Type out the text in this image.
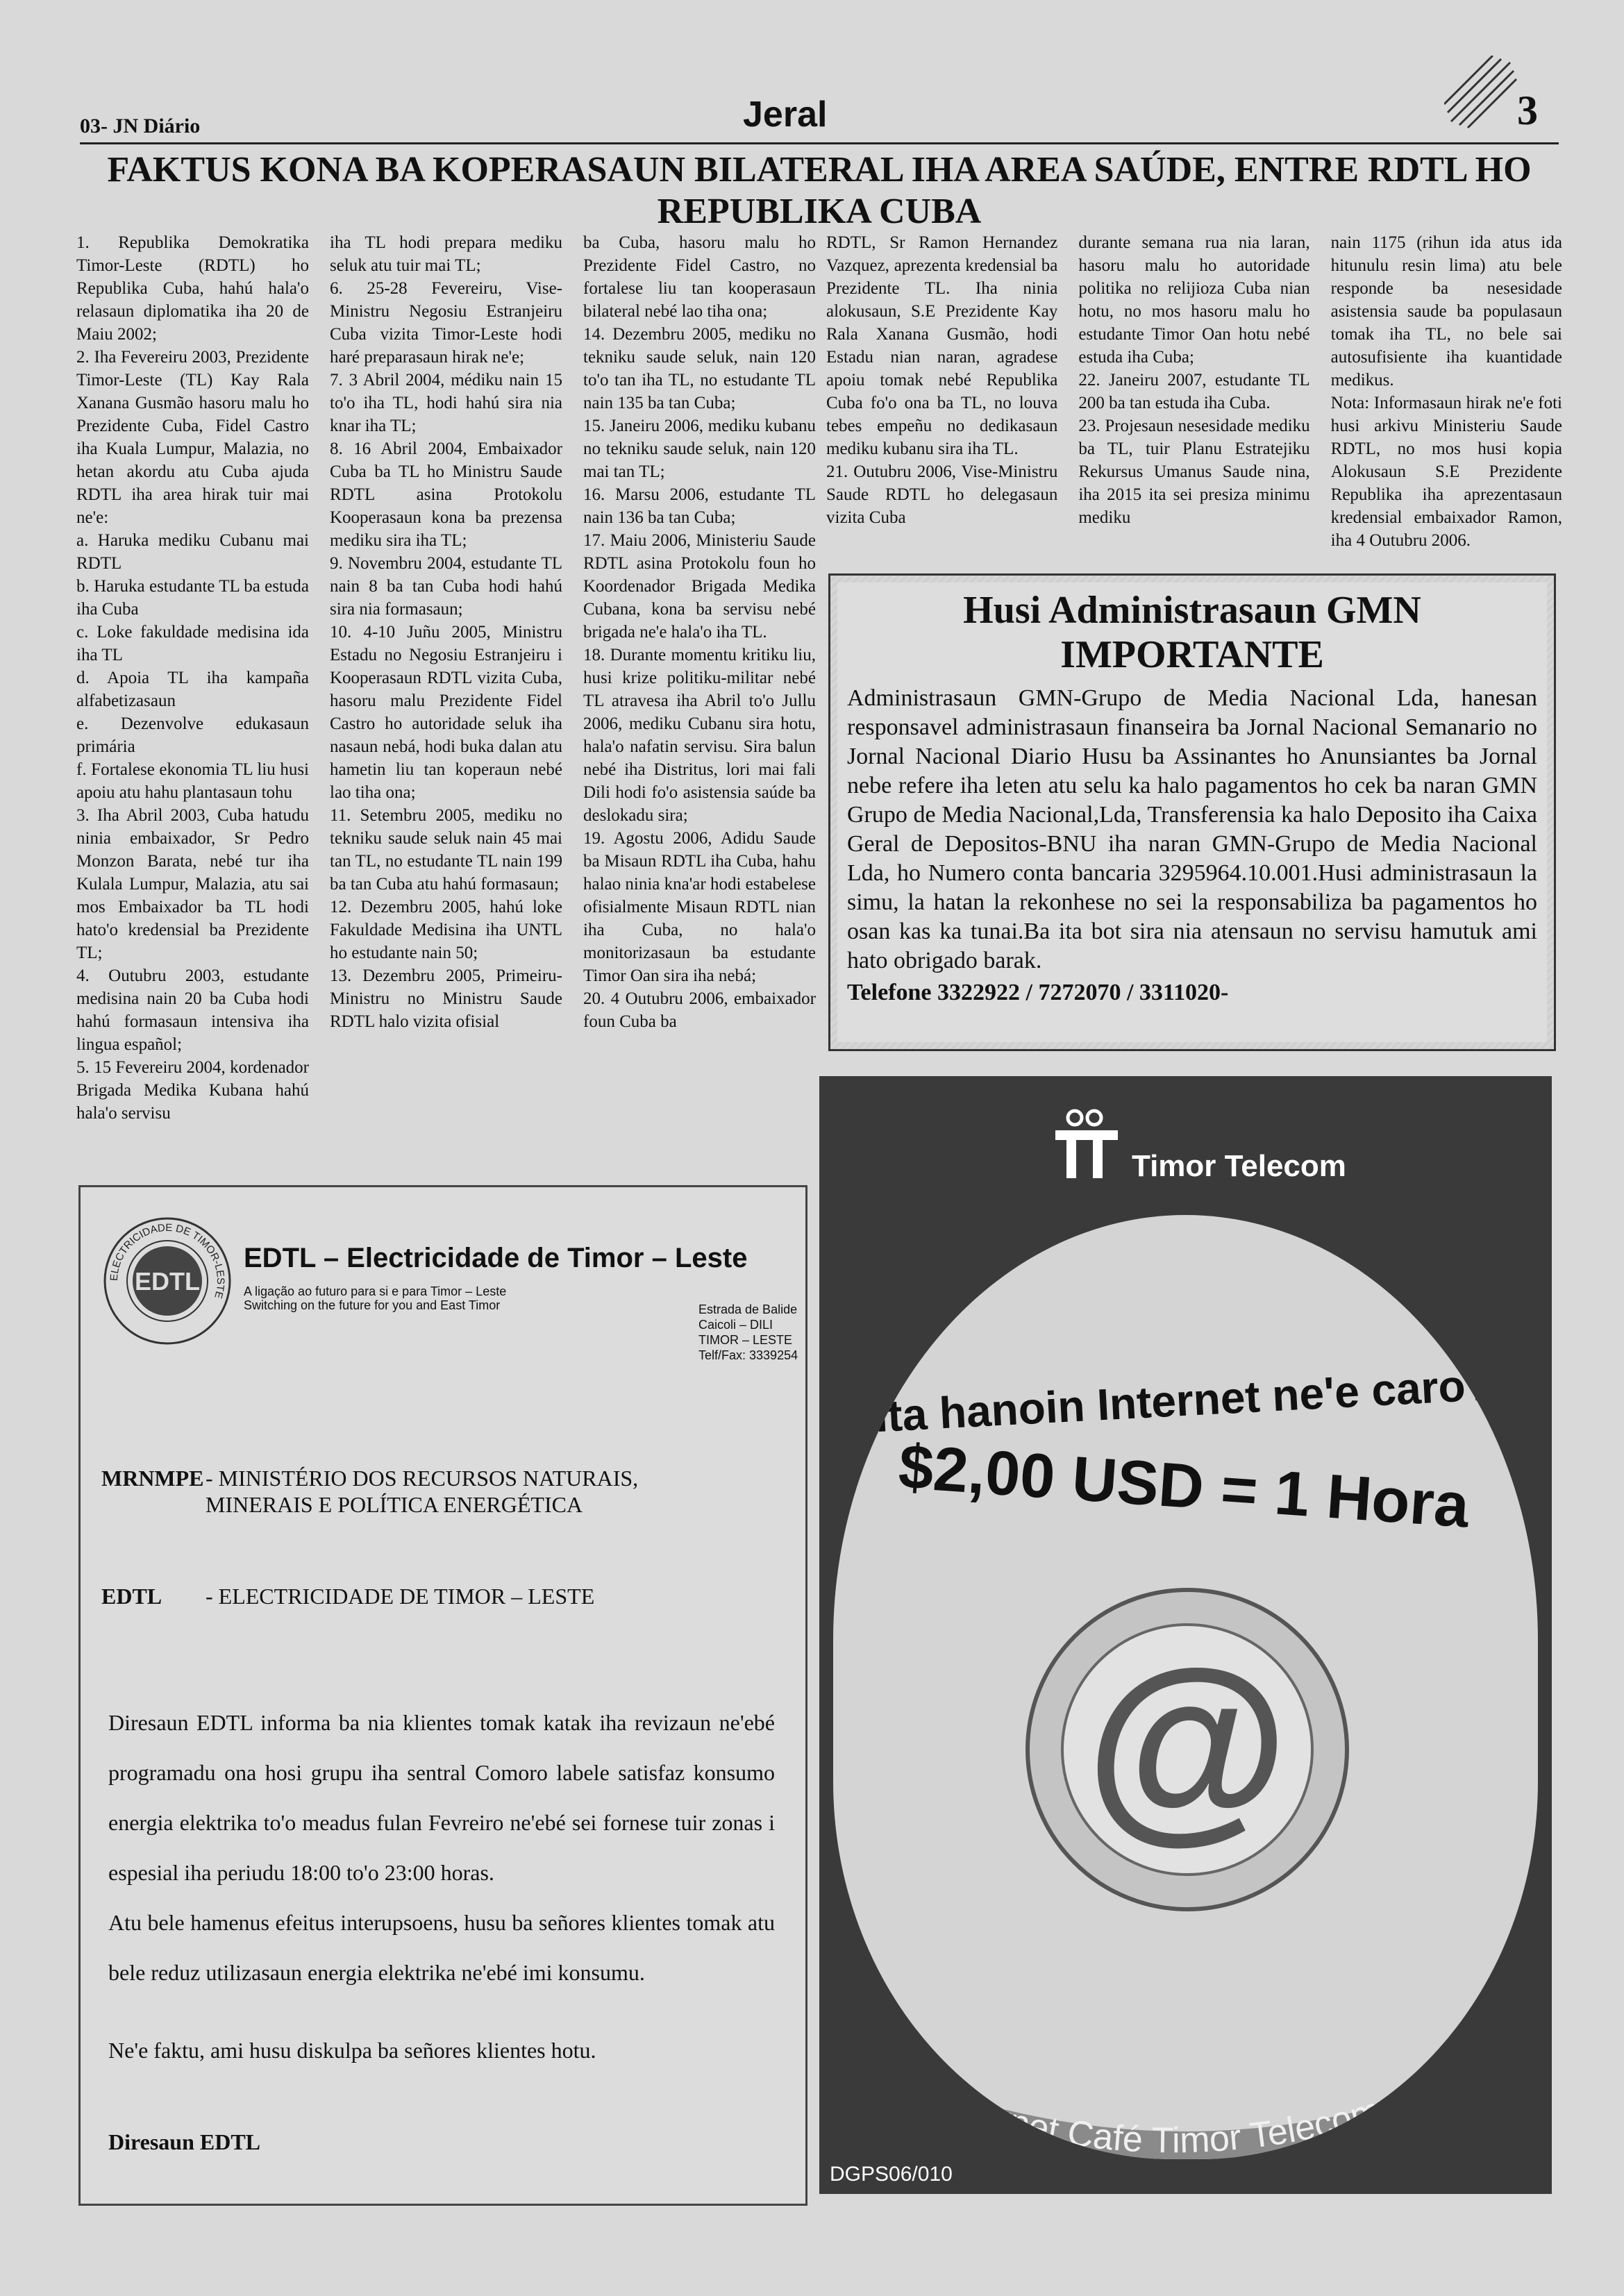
03- JN Diário	Jeral	3
FAKTUS KONA BA KOPERASAUN BILATERAL IHA AREA SAÚDE, ENTRE RDTL HO REPUBLIKA CUBA

1. Republika Demokratika Timor-Leste (RDTL) ho Republika Cuba, hahú hala'o relasaun diplomatika iha 20 de Maiu 2002;

2. Iha Fevereiru 2003, Prezidente Timor-Leste (TL) Kay Rala Xanana Gusmão hasoru malu ho Prezidente Cuba, Fidel Castro iha Kuala Lumpur, Malazia, no hetan akordu atu Cuba ajuda RDTL iha area hirak tuir mai ne'e:

a. Haruka mediku Cubanu mai RDTL

b. Haruka estudante TL ba estuda iha Cuba

c. Loke fakuldade medisina ida iha TL

d. Apoia TL iha kampaña alfabetizasaun

e. Dezenvolve edukasaun primária

f. Fortalese ekonomia TL liu husi apoiu atu hahu plantasaun tohu

3. Iha Abril 2003, Cuba hatudu ninia embaixador, Sr Pedro Monzon Barata, nebé tur iha Kulala Lumpur, Malazia, atu sai mos Embaixador ba TL hodi hato'o kredensial ba Prezidente TL;

4. Outubru 2003, estudante medisina nain 20 ba Cuba hodi hahú formasaun intensiva iha lingua español;

5. 15 Fevereiru 2004, kordenador Brigada Medika Kubana hahú hala'o servisu

iha TL hodi prepara mediku seluk atu tuir mai TL;

6. 25-28 Fevereiru, Vise-Ministru Negosiu Estranjeiru Cuba vizita Timor-Leste hodi haré preparasaun hirak ne'e;

7. 3 Abril 2004, médiku nain 15 to'o iha TL, hodi hahú sira nia knar iha TL;

8. 16 Abril 2004, Embaixador Cuba ba TL ho Ministru Saude RDTL asina Protokolu Kooperasaun kona ba prezensa mediku sira iha TL;

9. Novembru 2004, estudante TL nain 8 ba tan Cuba hodi hahú sira nia formasaun;

10. 4-10 Juñu 2005, Ministru Estadu no Negosiu Estranjeiru i Kooperasaun RDTL vizita Cuba, hasoru malu Prezidente Fidel Castro ho autoridade seluk iha nasaun nebá, hodi buka dalan atu hametin liu tan koperaun nebé lao tiha ona;

11. Setembru 2005, mediku no tekniku saude seluk nain 45 mai tan TL, no estudante TL nain 199 ba tan Cuba atu hahú formasaun;

12. Dezembru 2005, hahú loke Fakuldade Medisina iha UNTL ho estudante nain 50;

13. Dezembru 2005, Primeiru-Ministru no Ministru Saude RDTL halo vizita ofisial

ba Cuba, hasoru malu ho Prezidente Fidel Castro, no fortalese liu tan kooperasaun bilateral nebé lao tiha ona;

14. Dezembru 2005, mediku no tekniku saude seluk, nain 120 to'o tan iha TL, no estudante TL nain 135 ba tan Cuba;

15. Janeiru 2006, mediku kubanu no tekniku saude seluk, nain 120 mai tan TL;

16. Marsu 2006, estudante TL nain 136 ba tan Cuba;

17. Maiu 2006, Ministeriu Saude RDTL asina Protokolu foun ho Koordenador Brigada Medika Cubana, kona ba servisu nebé brigada ne'e hala'o iha TL.

18. Durante momentu kritiku liu, husi krize politiku-militar nebé TL atravesa iha Abril to'o Jullu 2006, mediku Cubanu sira hotu, hala'o nafatin servisu. Sira balun nebé iha Distritus, lori mai fali Dili hodi fo'o asistensia saúde ba deslokadu sira;

19. Agostu 2006, Adidu Saude ba Misaun RDTL iha Cuba, hahu halao ninia kna'ar hodi estabelese ofisialmente Misaun RDTL nian iha Cuba, no hala'o monitorizasaun ba estudante Timor Oan sira iha nebá;

20. 4 Outubru 2006, embaixador foun Cuba ba

RDTL, Sr Ramon Hernandez Vazquez, aprezenta kredensial ba Prezidente TL. Iha ninia alokusaun, S.E Prezidente Kay Rala Xanana Gusmão, hodi Estadu nian naran, agradese apoiu tomak nebé Republika Cuba fo'o ona ba TL, no louva tebes empeñu no dedikasaun mediku kubanu sira iha TL.

21. Outubru 2006, Vise-Ministru Saude RDTL ho delegasaun vizita Cuba

durante semana rua nia laran, hasoru malu ho autoridade politika no relijioza Cuba nian hotu, no mos hasoru malu ho estudante Timor Oan hotu nebé estuda iha Cuba;

22. Janeiru 2007, estudante TL 200 ba tan estuda iha Cuba.

23. Projesaun nesesidade mediku ba TL, tuir Planu Estratejiku Rekursus Umanus Saude nina, iha 2015 ita sei presiza minimu mediku

nain 1175 (rihun ida atus ida hitunulu resin lima) atu bele responde ba nesesidade asistensia saude ba populasaun tomak iha TL, no bele sai autosufisiente iha kuantidade medikus.

Nota: Informasaun hirak ne'e foti husi arkivu Ministeriu Saude RDTL, no mos husi kopia Alokusaun S.E Prezidente Republika iha aprezentasaun kredensial embaixador Ramon, iha 4 Outubru 2006.

Husi Administrasaun GMN IMPORTANTE

Administrasaun GMN-Grupo de Media Nacional Lda, hanesan responsavel administrasaun finanseira ba Jornal Nacional Semanario no Jornal Nacional Diario Husu ba Assinantes ho Anunsiantes ba Jornal nebe refere iha leten atu selu ka halo pagamentos ho cek ba naran GMN Grupo de Media Nacional,Lda, Transferensia ka halo Deposito iha Caixa Geral de Depositos-BNU iha naran GMN-Grupo de Media Nacional Lda, ho Numero conta bancaria 3295964.10.001.Husi administrasaun la simu, la hatan la rekonhese no sei la responsabiliza ba pagamentos ho osan kas ka tunai.Ba ita bot sira nia atensaun no servisu hamutuk ami hato obrigado barak.

Telefone 3322922 / 7272070 / 3311020-

ELECTRICIDADE DE TIMOR-LESTE
EDTL
EDTL – Electricidade de Timor – Leste
A ligação ao futuro para si e para Timor – Leste
Switching on the future for you and East Timor	Estrada de Balide
Caicoli – DILI
TIMOR – LESTE
Telf/Fax: 3339254
MRNMPE - MINISTÉRIO DOS RECURSOS NATURAIS, MINERAIS E POLÍTICA ENERGÉTICA
EDTL	- ELECTRICIDADE DE TIMOR – LESTE
Diresaun EDTL informa ba nia klientes tomak katak iha revizaun ne'ebé programadu ona hosi grupu iha sentral Comoro labele satisfaz konsumo energia elektrika to'o meadus fulan Fevreiro ne'ebé sei fornese tuir zonas i espesial iha periudu 18:00 to'o 23:00 horas.
Atu bele hamenus efeitus interupsoens, husu ba señores klientes tomak atu bele reduz utilizasaun energia elektrika ne'ebé imi konsumu.
Ne'e faktu, ami husu diskulpa ba señores klientes hotu.
Diresaun EDTL
Timor Telecom
Ita hanoin Internet ne'e caro?
$2,00 USD = 1 Hora
@
Iha Internet Café Timor Telecom nian
DGPS06/010
